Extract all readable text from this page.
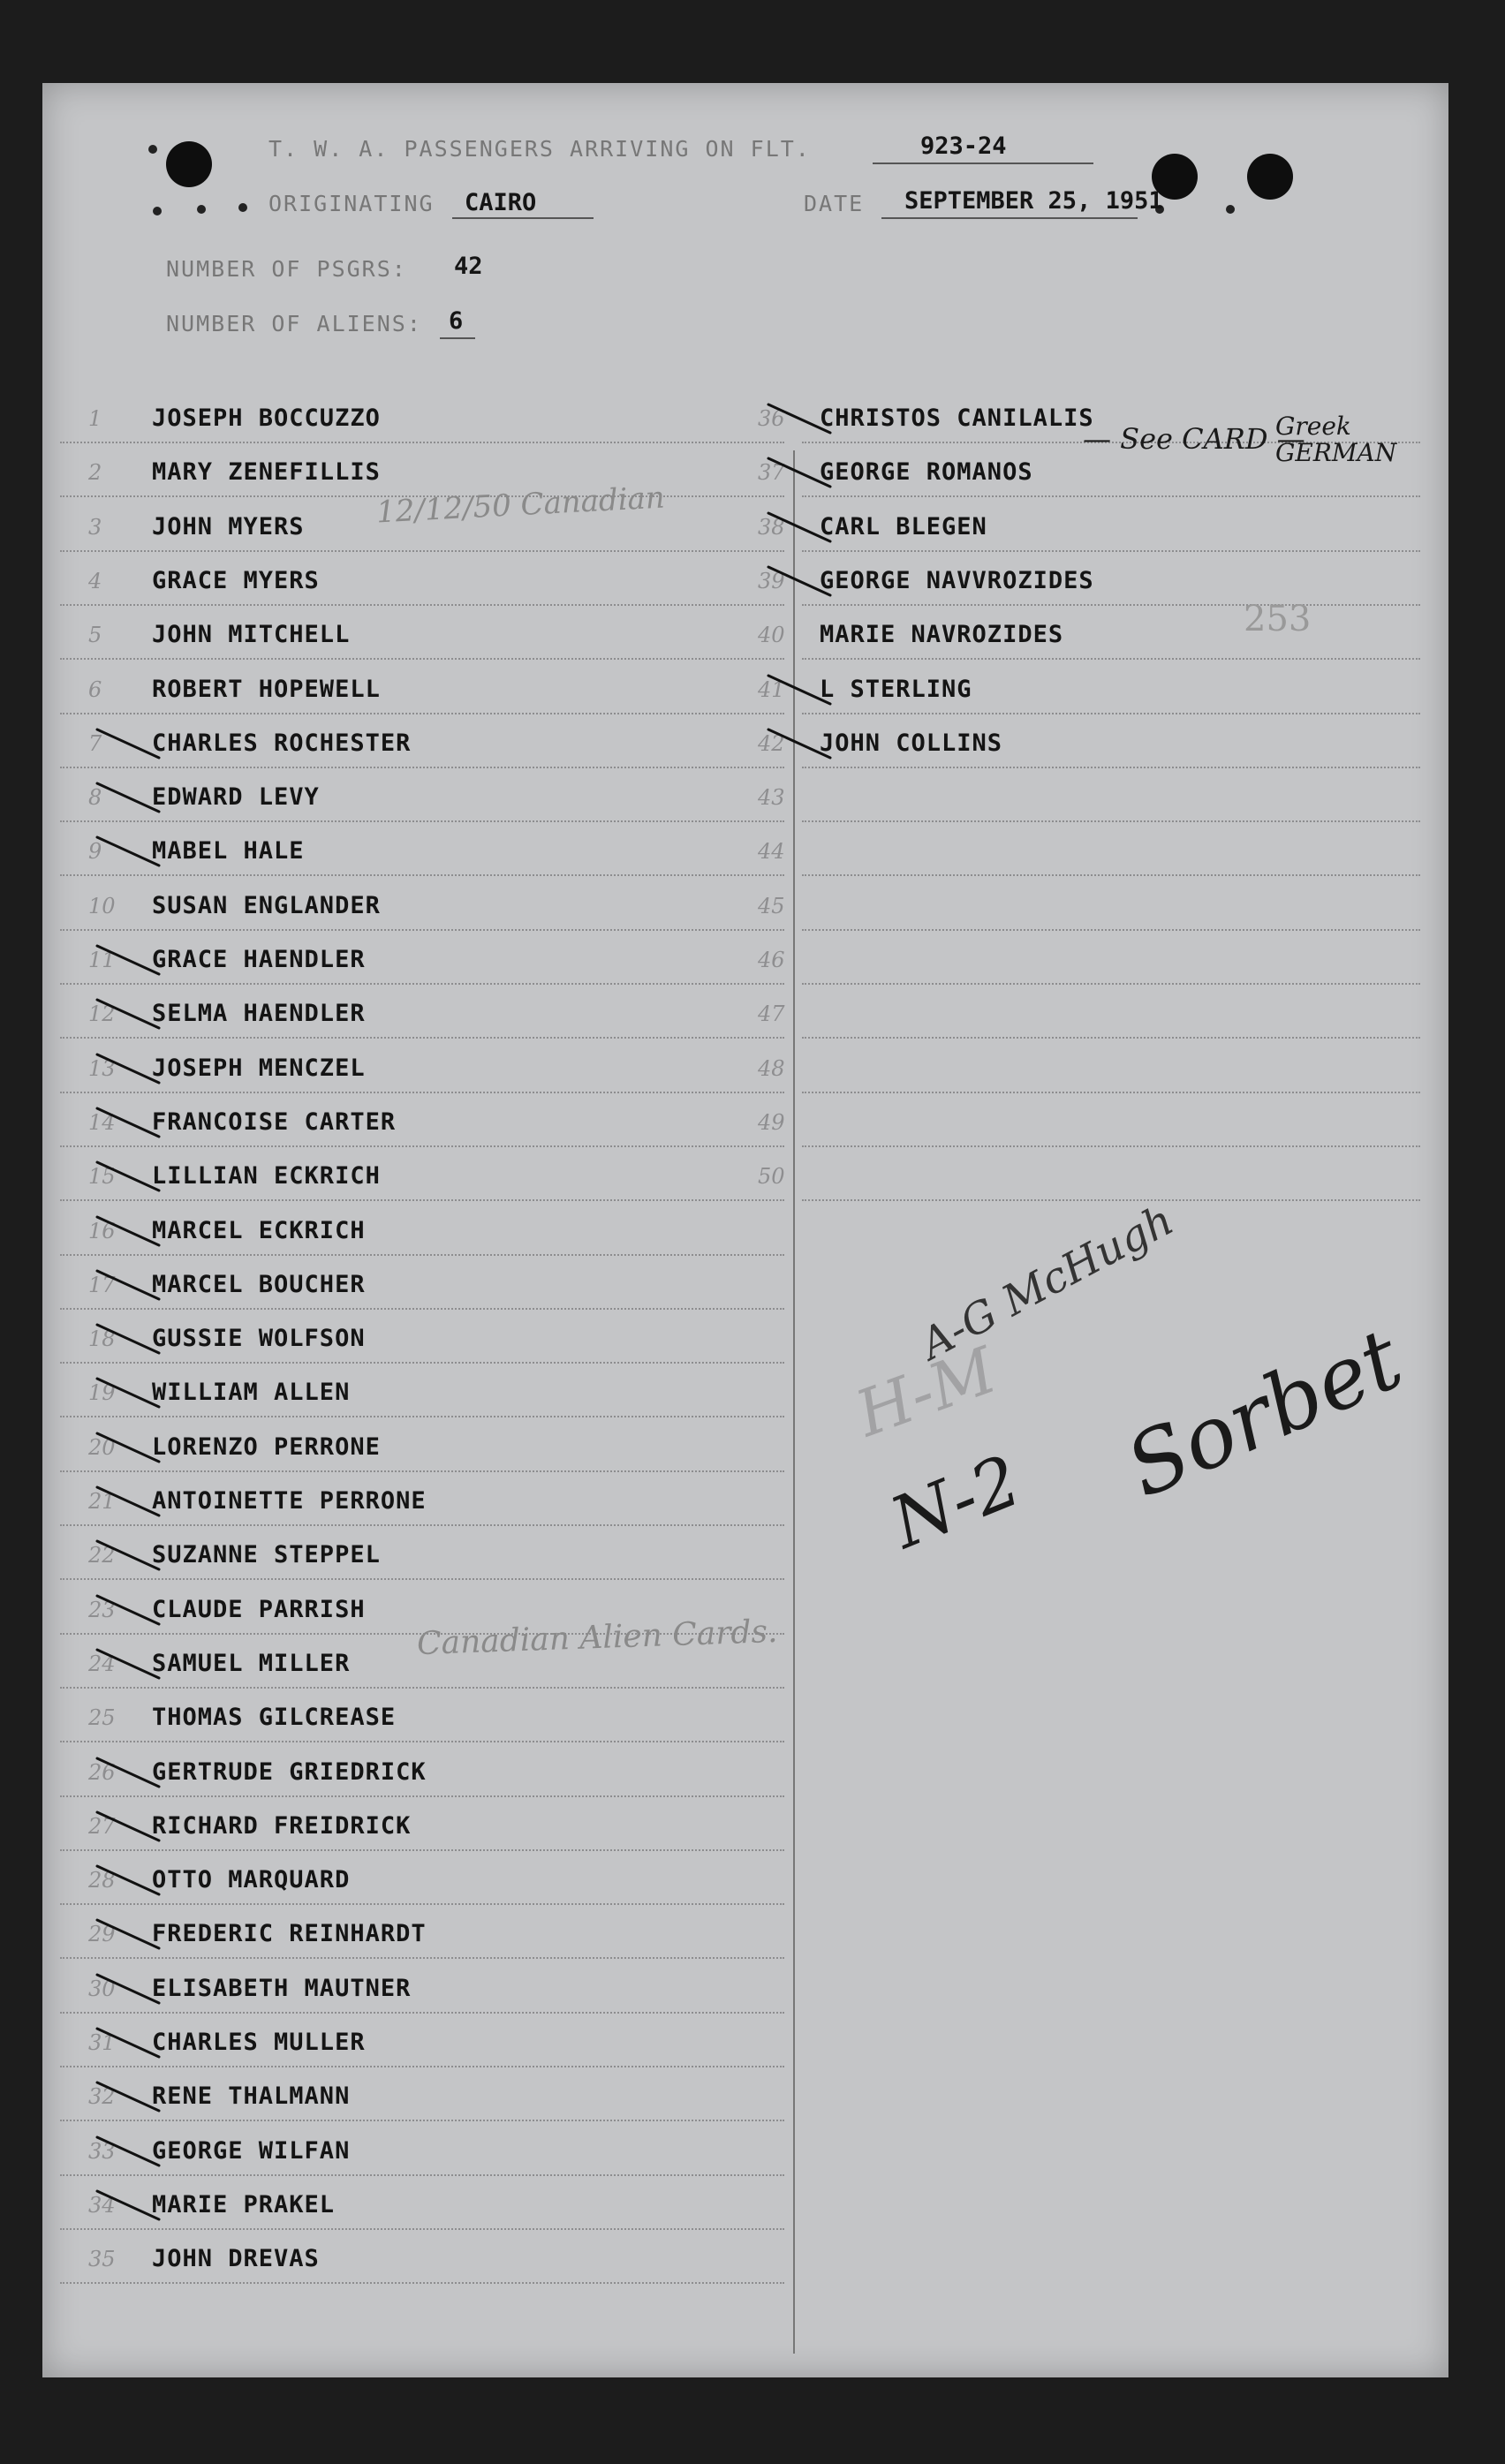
T. W. A. PASSENGERS ARRIVING ON FLT.	923-24
ORIGINATING CAIRO	DATE SEPTEMBER 25, 1951
NUMBER OF PSGRS: 42
NUMBER OF ALIENS: 6
1 JOSEPH BOCCUZZO
2 MARY ZENEFILLIS
3 JOHN MYERS
4 GRACE MYERS
5 JOHN MITCHELL
6 ROBERT HOPEWELL
7 CHARLES ROCHESTER
8 EDWARD LEVY
9 MABEL HALE
10 SUSAN ENGLANDER
11 GRACE HAENDLER
12 SELMA HAENDLER
13 JOSEPH MENCZEL
14 FRANCOISE CARTER
15 LILLIAN ECKRICH
16 MARCEL ECKRICH
17 MARCEL BOUCHER
18 GUSSIE WOLFSON
19 WILLIAM ALLEN
20 LORENZO PERRONE
21 ANTOINETTE PERRONE
22 SUZANNE STEPPEL
23 CLAUDE PARRISH
24 SAMUEL MILLER
25 THOMAS GILCREASE
26 GERTRUDE GRIEDRICK
27 RICHARD FREIDRICK
28 OTTO MARQUARD
29 FREDERIC REINHARDT
30 ELISABETH MAUTNER
31 CHARLES MULLER
32 RENE THALMANN
33 GEORGE WILFAN
34 MARIE PRAKEL
35 JOHN DREVAS
36 CHRISTOS CANILALIS
37 GEORGE ROMANOS
38 CARL BLEGEN
39 GEORGE NAVVROZIDES
40 MARIE NAVROZIDES
41 L STERLING
42 JOHN COLLINS
43
44
45
46
47
48
49
50
12/12/50 Canadian
Canadian Alien Cards.
— See CARD —
Greek GERMAN
253
A-G McHugh
H-M
N-2 Sorbet
